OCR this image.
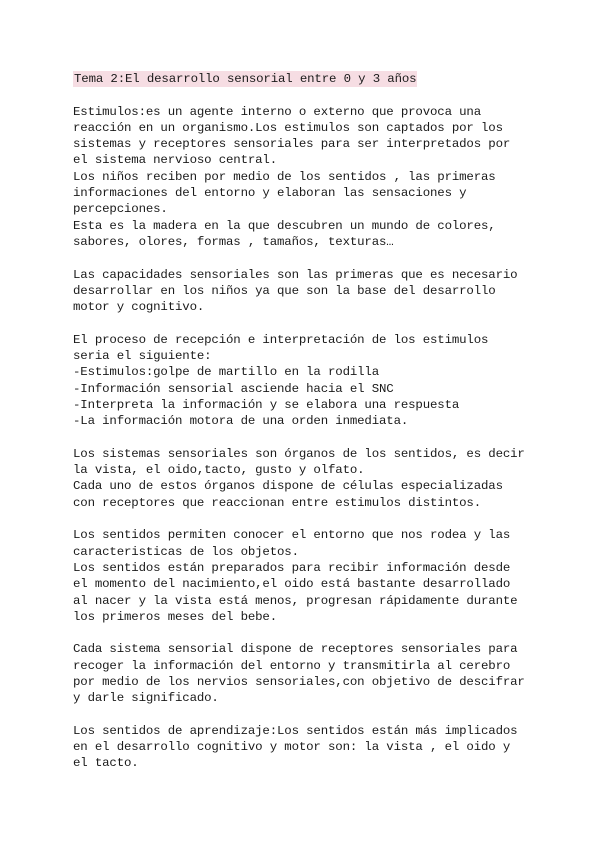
Tema 2:El desarrollo sensorial entre 0 y 3 años
Estimulos:es un agente interno o externo que provoca una
reacción en un organismo.Los estimulos son captados por los
sistemas y receptores sensoriales para ser interpretados por
el sistema nervioso central.
Los niños reciben por medio de los sentidos , las primeras
informaciones del entorno y elaboran las sensaciones y
percepciones.
Esta es la madera en la que descubren un mundo de colores,
sabores, olores, formas , tamaños, texturas…
Las capacidades sensoriales son las primeras que es necesario
desarrollar en los niños ya que son la base del desarrollo
motor y cognitivo.
El proceso de recepción e interpretación de los estimulos
seria el siguiente:
-Estimulos:golpe de martillo en la rodilla
-Información sensorial asciende hacia el SNC
-Interpreta la información y se elabora una respuesta
-La información motora de una orden inmediata.
Los sistemas sensoriales son órganos de los sentidos, es decir
la vista, el oido,tacto, gusto y olfato.
Cada uno de estos órganos dispone de células especializadas
con receptores que reaccionan entre estimulos distintos.
Los sentidos permiten conocer el entorno que nos rodea y las
caracteristicas de los objetos.
Los sentidos están preparados para recibir información desde
el momento del nacimiento,el oido está bastante desarrollado
al nacer y la vista está menos, progresan rápidamente durante
los primeros meses del bebe.
Cada sistema sensorial dispone de receptores sensoriales para
recoger la información del entorno y transmitirla al cerebro
por medio de los nervios sensoriales,con objetivo de descifrar
y darle significado.
Los sentidos de aprendizaje:Los sentidos están más implicados
en el desarrollo cognitivo y motor son: la vista , el oido y
el tacto.
